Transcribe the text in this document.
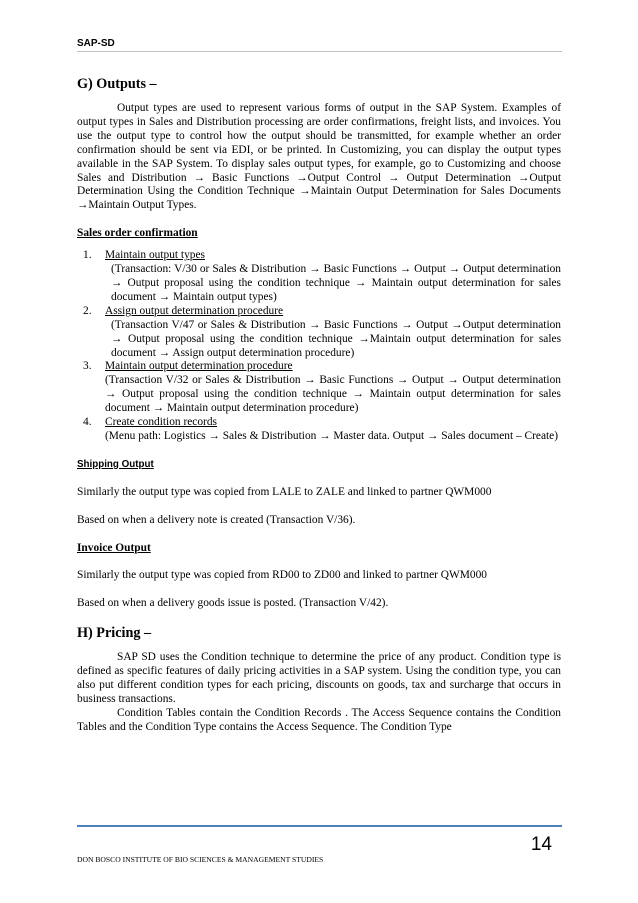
SAP-SD
G) Outputs –

Output types are used to represent various forms of output in the SAP System. Examples of output types in Sales and Distribution processing are order confirmations, freight lists, and invoices. You use the output type to control how the output should be transmitted, for example whether an order confirmation should be sent via EDI, or be printed. In Customizing, you can display the output types available in the SAP System. To display sales output types, for example, go to Customizing and choose Sales and Distribution → Basic Functions →Output Control → Output Determination →Output Determination Using the Condition Technique →Maintain Output Determination for Sales Documents →Maintain Output Types.

Sales order confirmation

1. Maintain output types
(Transaction: V/30 or Sales & Distribution → Basic Functions → Output → Output determination → Output proposal using the condition technique → Maintain output determination for sales document → Maintain output types)
2. Assign output determination procedure
(Transaction V/47 or Sales & Distribution → Basic Functions → Output →Output determination → Output proposal using the condition technique →Maintain output determination for sales document → Assign output determination procedure)
3. Maintain output determination procedure
(Transaction V/32 or Sales & Distribution → Basic Functions → Output → Output determination → Output proposal using the condition technique → Maintain output determination for sales document → Maintain output determination procedure)
4. Create condition records
(Menu path: Logistics → Sales & Distribution → Master data. Output → Sales document – Create)

Shipping Output

Similarly the output type was copied from LALE to ZALE and linked to partner QWM000

Based on when a delivery note is created (Transaction V/36).

Invoice Output

Similarly the output type was copied from RD00 to ZD00 and linked to partner QWM000

Based on when a delivery goods issue is posted. (Transaction V/42).

H) Pricing –

SAP SD uses the Condition technique to determine the price of any product. Condition type is defined as specific features of daily pricing activities in a SAP system. Using the condition type, you can also put different condition types for each pricing, discounts on goods, tax and surcharge that occurs in business transactions.

Condition Tables contain the Condition Records . The Access Sequence contains the Condition Tables and the Condition Type contains the Access Sequence. The Condition Type

14
DON BOSCO INSTITUTE OF BIO SCIENCES & MANAGEMENT STUDIES
